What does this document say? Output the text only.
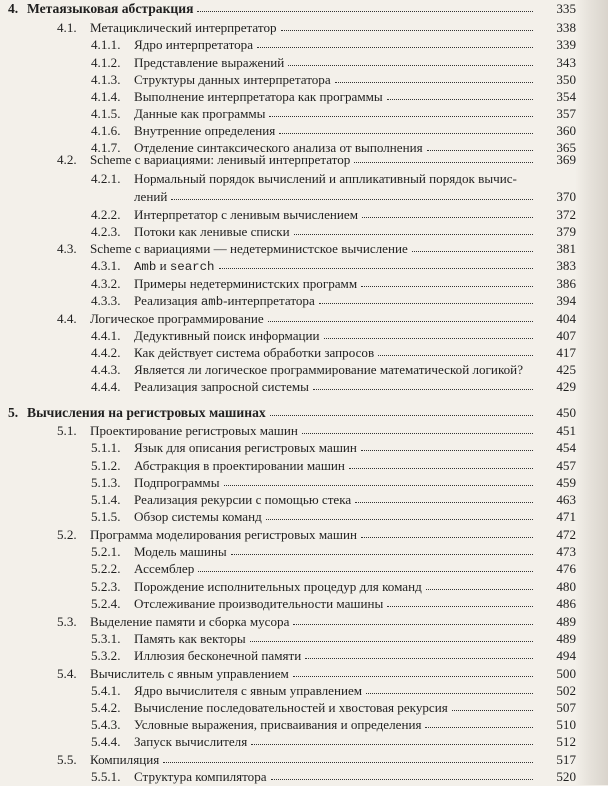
4. Метаязыковая абстракция	335
4.1. Метациклический интерпретатор	338
4.1.1. Ядро интерпретатора	339
4.1.2. Представление выражений	343
4.1.3. Структуры данных интерпретатора	350
4.1.4. Выполнение интерпретатора как программы	354
4.1.5. Данные как программы	357
4.1.6. Внутренние определения	360
4.1.7. Отделение синтаксического анализа от выполнения	365
4.2. Scheme с вариациями: ленивый интерпретатор	369
4.2.1. Нормальный порядок вычислений и аппликативный порядок вычис-
лений	370
4.2.2. Интерпретатор с ленивым вычислением	372
4.2.3. Потоки как ленивые списки	379
4.3. Scheme с вариациями — недетерминистское вычисление	381
4.3.1. Amb и search	383
4.3.2. Примеры недетерминистских программ	386
4.3.3. Реализация amb-интерпретатора	394
4.4. Логическое программирование	404
4.4.1. Дедуктивный поиск информации	407
4.4.2. Как действует система обработки запросов	417
4.4.3. Является ли логическое программирование математической логикой?	425
4.4.4. Реализация запросной системы	429
5. Вычисления на регистровых машинах	450
5.1. Проектирование регистровых машин	451
5.1.1. Язык для описания регистровых машин	454
5.1.2. Абстракция в проектировании машин	457
5.1.3. Подпрограммы	459
5.1.4. Реализация рекурсии с помощью стека	463
5.1.5. Обзор системы команд	471
5.2. Программа моделирования регистровых машин	472
5.2.1. Модель машины	473
5.2.2. Ассемблер	476
5.2.3. Порождение исполнительных процедур для команд	480
5.2.4. Отслеживание производительности машины	486
5.3. Выделение памяти и сборка мусора	489
5.3.1. Память как векторы	489
5.3.2. Иллюзия бесконечной памяти	494
5.4. Вычислитель с явным управлением	500
5.4.1. Ядро вычислителя с явным управлением	502
5.4.2. Вычисление последовательностей и хвостовая рекурсия	507
5.4.3. Условные выражения, присваивания и определения	510
5.4.4. Запуск вычислителя	512
5.5. Компиляция	517
5.5.1. Структура компилятора	520
